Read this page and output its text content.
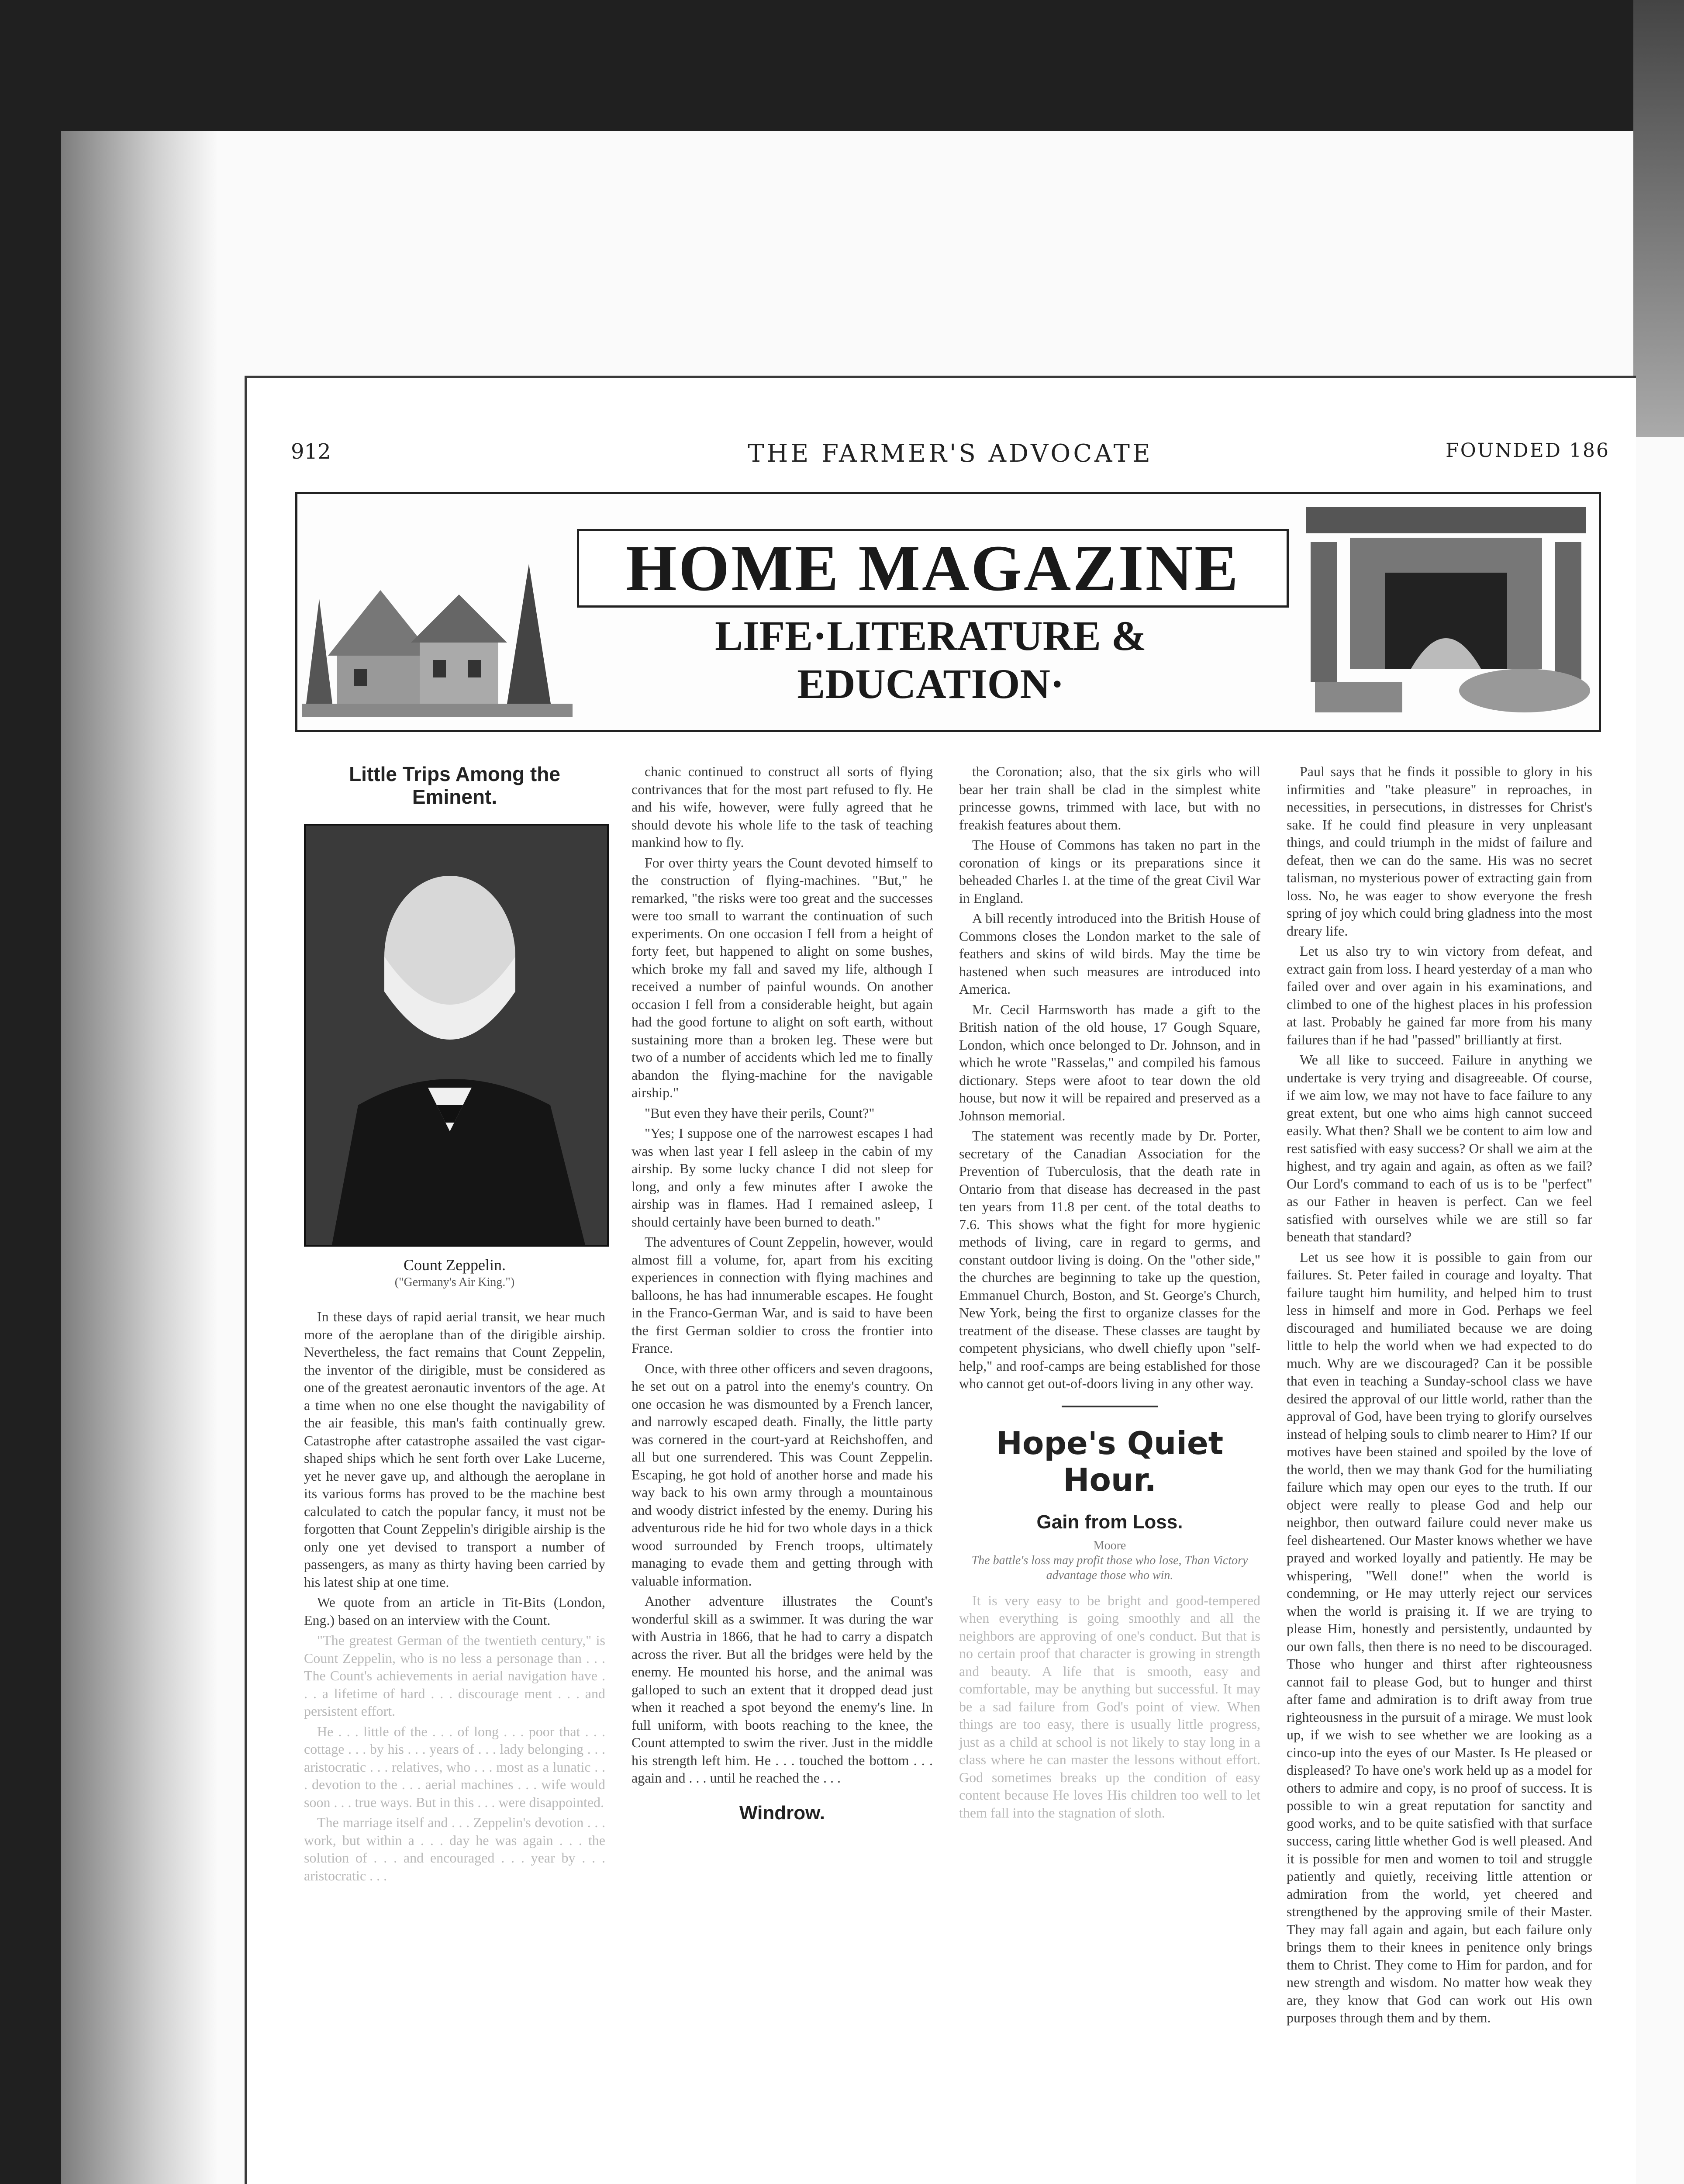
912	THE FARMER'S ADVOCATE	FOUNDED 186
HOME MAGAZINE
LIFE·LITERATURE &
EDUCATION·
Little Trips Among the Eminent.
Count Zeppelin.
("Germany's Air King.")

In these days of rapid aerial transit, we hear much more of the aeroplane than of the dirigible airship. Nevertheless, the fact remains that Count Zeppelin, the inventor of the dirigible, must be considered as one of the greatest aeronautic inventors of the age. At a time when no one else thought the navigability of the air feasible, this man's faith continually grew. Catastrophe after catastrophe assailed the vast cigar-shaped ships which he sent forth over Lake Lucerne, yet he never gave up, and although the aeroplane in its various forms has proved to be the machine best calculated to catch the popular fancy, it must not be forgotten that Count Zeppelin's dirigible airship is the only one yet devised to transport a number of passengers, as many as thirty having been carried by his latest ship at one time.

We quote from an article in Tit-Bits (London, Eng.) based on an interview with the Count.

"The greatest German of the twentieth century," is Count Zeppelin, who is no less a personage than . . . The Count's achievements in aerial navigation have . . . a lifetime of hard . . . discourage ment . . . and persistent effort.

He . . . little of the . . . of long . . . poor that . . . cottage . . . by his . . . years of . . . lady belonging . . . aristocratic . . . relatives, who . . . most as a lunatic . . . devotion to the . . . aerial machines . . . wife would soon . . . true ways. But in this . . . were disappointed.

The marriage itself and . . . Zeppelin's devotion . . . work, but within a . . . day he was again . . . the solution of . . . and encouraged . . . year by . . . aristocratic . . .

chanic continued to construct all sorts of flying contrivances that for the most part refused to fly. He and his wife, however, were fully agreed that he should devote his whole life to the task of teaching mankind how to fly.

For over thirty years the Count devoted himself to the construction of flying-machines. "But," he remarked, "the risks were too great and the successes were too small to warrant the continuation of such experiments. On one occasion I fell from a height of forty feet, but happened to alight on some bushes, which broke my fall and saved my life, although I received a number of painful wounds. On another occasion I fell from a considerable height, but again had the good fortune to alight on soft earth, without sustaining more than a broken leg. These were but two of a number of accidents which led me to finally abandon the flying-machine for the navigable airship."

"But even they have their perils, Count?"

"Yes; I suppose one of the narrowest escapes I had was when last year I fell asleep in the cabin of my airship. By some lucky chance I did not sleep for long, and only a few minutes after I awoke the airship was in flames. Had I remained asleep, I should certainly have been burned to death."

The adventures of Count Zeppelin, however, would almost fill a volume, for, apart from his exciting experiences in connection with flying machines and balloons, he has had innumerable escapes. He fought in the Franco-German War, and is said to have been the first German soldier to cross the frontier into France.

Once, with three other officers and seven dragoons, he set out on a patrol into the enemy's country. On one occasion he was dismounted by a French lancer, and narrowly escaped death. Finally, the little party was cornered in the court-yard at Reichshoffen, and all but one surrendered. This was Count Zeppelin. Escaping, he got hold of another horse and made his way back to his own army through a mountainous and woody district infested by the enemy. During his adventurous ride he hid for two whole days in a thick wood surrounded by French troops, ultimately managing to evade them and getting through with valuable information.

Another adventure illustrates the Count's wonderful skill as a swimmer. It was during the war with Austria in 1866, that he had to carry a dispatch across the river. But all the bridges were held by the enemy. He mounted his horse, and the animal was galloped to such an extent that it dropped dead just when it reached a spot beyond the enemy's line. In full uniform, with boots reaching to the knee, the Count attempted to swim the river. Just in the middle his strength left him. He . . . touched the bottom . . . again and . . . until he reached the . . .

Windrow.

the Coronation; also, that the six girls who will bear her train shall be clad in the simplest white princesse gowns, trimmed with lace, but with no freakish features about them.

The House of Commons has taken no part in the coronation of kings or its preparations since it beheaded Charles I. at the time of the great Civil War in England.

A bill recently introduced into the British House of Commons closes the London market to the sale of feathers and skins of wild birds. May the time be hastened when such measures are introduced into America.

Mr. Cecil Harmsworth has made a gift to the British nation of the old house, 17 Gough Square, London, which once belonged to Dr. Johnson, and in which he wrote "Rasselas," and compiled his famous dictionary. Steps were afoot to tear down the old house, but now it will be repaired and preserved as a Johnson memorial.

The statement was recently made by Dr. Porter, secretary of the Canadian Association for the Prevention of Tuberculosis, that the death rate in Ontario from that disease has decreased in the past ten years from 11.8 per cent. of the total deaths to 7.6. This shows what the fight for more hygienic methods of living, care in regard to germs, and constant outdoor living is doing. On the "other side," the churches are beginning to take up the question, Emmanuel Church, Boston, and St. George's Church, New York, being the first to organize classes for the treatment of the disease. These classes are taught by competent physicians, who dwell chiefly upon "self-help," and roof-camps are being established for those who cannot get out-of-doors living in any other way.

Hope's Quiet Hour.
Gain from Loss.
Moore
The battle's loss may profit those who lose, Than Victory advantage those who win.

It is very easy to be bright and good-tempered when everything is going smoothly and all the neighbors are approving of one's conduct. But that is no certain proof that character is growing in strength and beauty. A life that is smooth, easy and comfortable, may be anything but successful. It may be a sad failure from God's point of view. When things are too easy, there is usually little progress, just as a child at school is not likely to stay long in a class where he can master the lessons without effort. God sometimes breaks up the condition of easy content because He loves His children too well to let them fall into the stagnation of sloth.

Paul says that he finds it possible to glory in his infirmities and "take pleasure" in reproaches, in necessities, in persecutions, in distresses for Christ's sake. If he could find pleasure in very unpleasant things, and could triumph in the midst of failure and defeat, then we can do the same. His was no secret talisman, no mysterious power of extracting gain from loss. No, he was eager to show everyone the fresh spring of joy which could bring gladness into the most dreary life.

Let us also try to win victory from defeat, and extract gain from loss. I heard yesterday of a man who failed over and over again in his examinations, and climbed to one of the highest places in his profession at last. Probably he gained far more from his many failures than if he had "passed" brilliantly at first.

We all like to succeed. Failure in anything we undertake is very trying and disagreeable. Of course, if we aim low, we may not have to face failure to any great extent, but one who aims high cannot succeed easily. What then? Shall we be content to aim low and rest satisfied with easy success? Or shall we aim at the highest, and try again and again, as often as we fail? Our Lord's command to each of us is to be "perfect" as our Father in heaven is perfect. Can we feel satisfied with ourselves while we are still so far beneath that standard?

Let us see how it is possible to gain from our failures. St. Peter failed in courage and loyalty. That failure taught him humility, and helped him to trust less in himself and more in God. Perhaps we feel discouraged and humiliated because we are doing little to help the world when we had expected to do much. Why are we discouraged? Can it be possible that even in teaching a Sunday-school class we have desired the approval of our little world, rather than the approval of God, have been trying to glorify ourselves instead of helping souls to climb nearer to Him? If our motives have been stained and spoiled by the love of the world, then we may thank God for the humiliating failure which may open our eyes to the truth. If our object were really to please God and help our neighbor, then outward failure could never make us feel disheartened. Our Master knows whether we have prayed and worked loyally and patiently. He may be whispering, "Well done!" when the world is condemning, or He may utterly reject our services when the world is praising it. If we are trying to please Him, honestly and persistently, undaunted by our own falls, then there is no need to be discouraged. Those who hunger and thirst after righteousness cannot fail to please God, but to hunger and thirst after fame and admiration is to drift away from true righteousness in the pursuit of a mirage. We must look up, if we wish to see whether we are looking as a cinco-up into the eyes of our Master. Is He pleased or displeased? To have one's work held up as a model for others to admire and copy, is no proof of success. It is possible to win a great reputation for sanctity and good works, and to be quite satisfied with that surface success, caring little whether God is well pleased. And it is possible for men and women to toil and struggle patiently and quietly, receiving little attention or admiration from the world, yet cheered and strengthened by the approving smile of their Master. They may fall again and again, but each failure only brings them to their knees in penitence only brings them to Christ. They come to Him for pardon, and for new strength and wisdom. No matter how weak they are, they know that God can work out His own purposes through them and by them.
